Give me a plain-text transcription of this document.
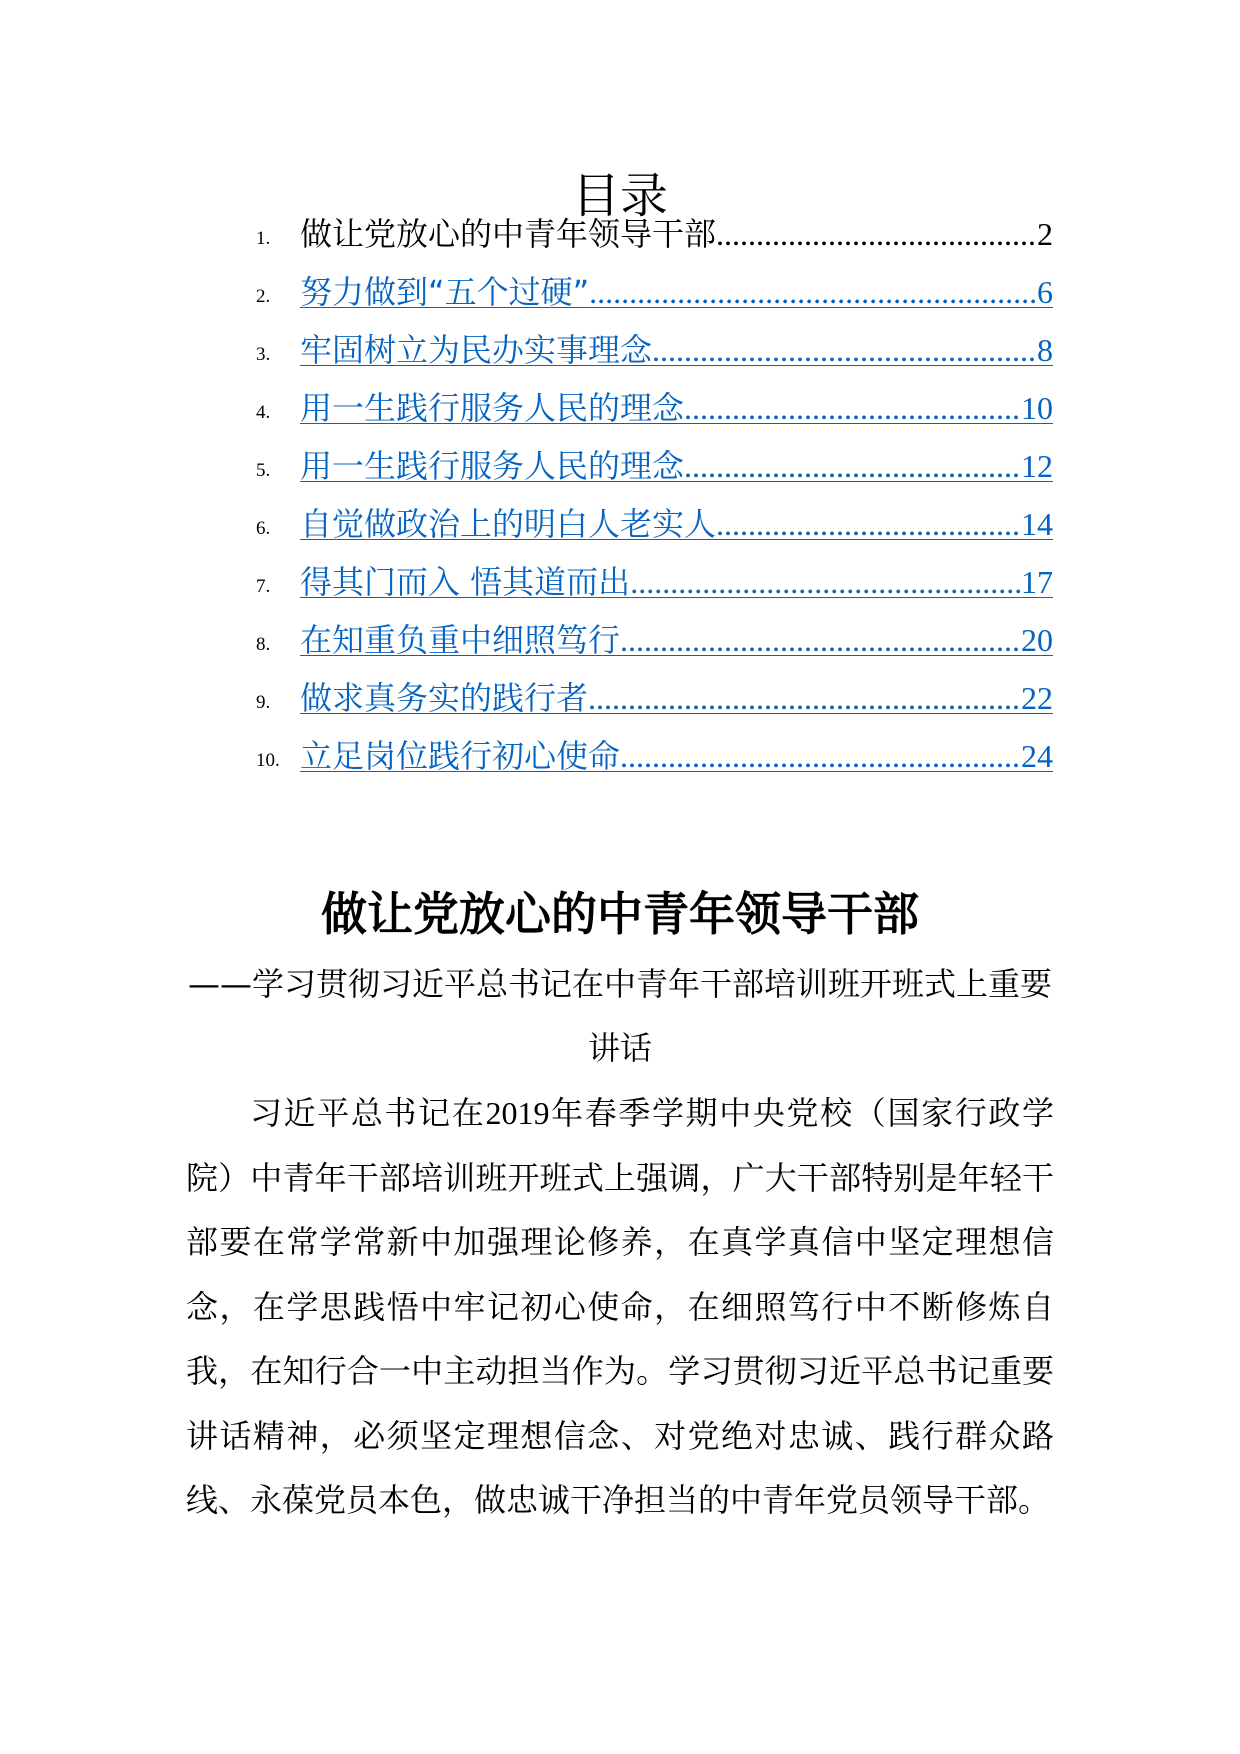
目录
1. 做让党放心的中青年领导干部 .....	2
2. 努力做到“五个过硬” .....	6
3. 牢固树立为民办实事理念 .....	8
4. 用一生践行服务人民的理念 .....	10
5. 用一生践行服务人民的理念 .....	12
6. 自觉做政治上的明白人老实人 .....	14
7. 得其门而入 悟其道而出 .....	17
8. 在知重负重中细照笃行 .....	20
9. 做求真务实的践行者 .....	22
10. 立足岗位践行初心使命 .....	24
做让党放心的中青年领导干部
——学习贯彻习近平总书记在中青年干部培训班开班式上重要讲话
习近平总书记在2019年春季学期中央党校（国家行政学院）中青年干部培训班开班式上强调，广大干部特别是年轻干部要在常学常新中加强理论修养，在真学真信中坚定理想信念，在学思践悟中牢记初心使命，在细照笃行中不断修炼自我，在知行合一中主动担当作为。学习贯彻习近平总书记重要讲话精神，必须坚定理想信念、对党绝对忠诚、践行群众路线、永葆党员本色，做忠诚干净担当的中青年党员领导干部。
